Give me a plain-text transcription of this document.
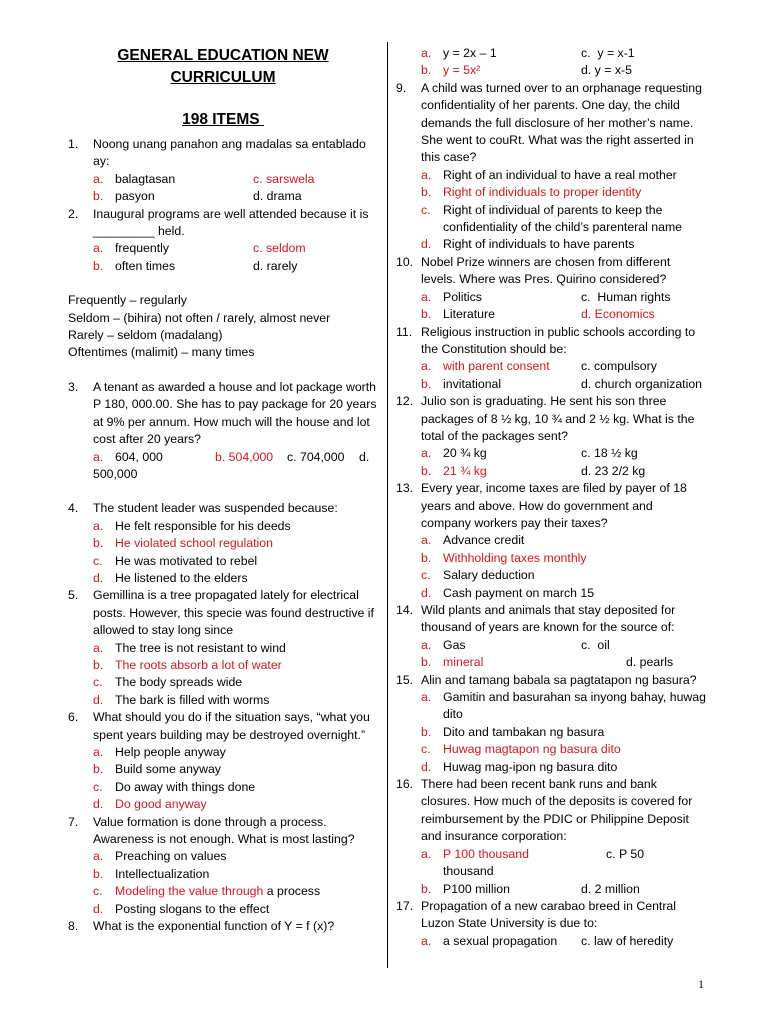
GENERAL EDUCATION NEW
CURRICULUM
198 ITEMS
1. Noong unang panahon ang madalas sa entablado ay:
a. balagtasan	c. sarswela
b. pasyon	d. drama
2. Inaugural programs are well attended because it is _________ held.
a. frequently	c. seldom
b. often times	d. rarely
Frequently – regularly
Seldom – (bihira) not often / rarely, almost never
Rarely – seldom (madalang)
Oftentimes (malimit) – many times
3. A tenant as awarded a house and lot package worth P 180, 000.00. She has to pay package for 20 years at 9% per annum. How much will the house and lot cost after 20 years?
a. 604, 000	b. 504,000	c. 704,000	d.
500,000
4. The student leader was suspended because:
a. He felt responsible for his deeds
b. He violated school regulation
c. He was motivated to rebel
d. He listened to the elders
5. Gemillina is a tree propagated lately for electrical posts. However, this specie was found destructive if allowed to stay long since
a. The tree is not resistant to wind
b. The roots absorb a lot of water
c. The body spreads wide
d. The bark is filled with worms
6. What should you do if the situation says, “what you spent years building may be destroyed overnight.”
a. Help people anyway
b. Build some anyway
c. Do away with things done
d. Do good anyway
7. Value formation is done through a process. Awareness is not enough. What is most lasting?
a. Preaching on values
b. Intellectualization
c. Modeling the value through a process
d. Posting slogans to the effect
8. What is the exponential function of Y = f (x)?
a. y = 2x – 1	c.  y = x-1
b. y = 5x²	d. y = x-5
9. A child was turned over to an orphanage requesting confidentiality of her parents. One day, the child demands the full disclosure of her mother’s name. She went to couRt. What was the right asserted in this case?
a. Right of an individual to have a real mother
b. Right of individuals to proper identity
c. Right of individual of parents to keep the confidentiality of the child’s parenteral name
d. Right of individuals to have parents
10. Nobel Prize winners are chosen from different levels. Where was Pres. Quirino considered?
a. Politics	c.  Human rights
b. Literature	d. Economics
11. Religious instruction in public schools according to the Constitution should be:
a. with parent consent	c. compulsory
b. invitational	d. church organization
12. Julio son is graduating. He sent his son three packages of 8 ½ kg, 10 ¾ and 2 ½ kg. What is the total of the packages sent?
a. 20 ¾ kg	c. 18 ½ kg
b. 21 ¾ kg	d. 23 2/2 kg
13. Every year, income taxes are filed by payer of 18 years and above. How do government and company workers pay their taxes?
a. Advance credit
b. Withholding taxes monthly
c. Salary deduction
d. Cash payment on march 15
14. Wild plants and animals that stay deposited for thousand of years are known for the source of:
a. Gas	c.  oil
b. mineral	d. pearls
15. Alin and tamang babala sa pagtatapon ng basura?
a. Gamitin and basurahan sa inyong bahay, huwag dito
b. Dito and tambakan ng basura
c. Huwag magtapon ng basura dito
d. Huwag mag-ipon ng basura dito
16. There had been recent bank runs and bank closures. How much of the deposits is covered for reimbursement by the PDIC or Philippine Deposit and insurance corporation:
a. P 100 thousand	c. P 50
thousand
b. P100 million	d. 2 million
17. Propagation of a new carabao breed in Central Luzon State University is due to:
a. a sexual propagation c. law of heredity
1
